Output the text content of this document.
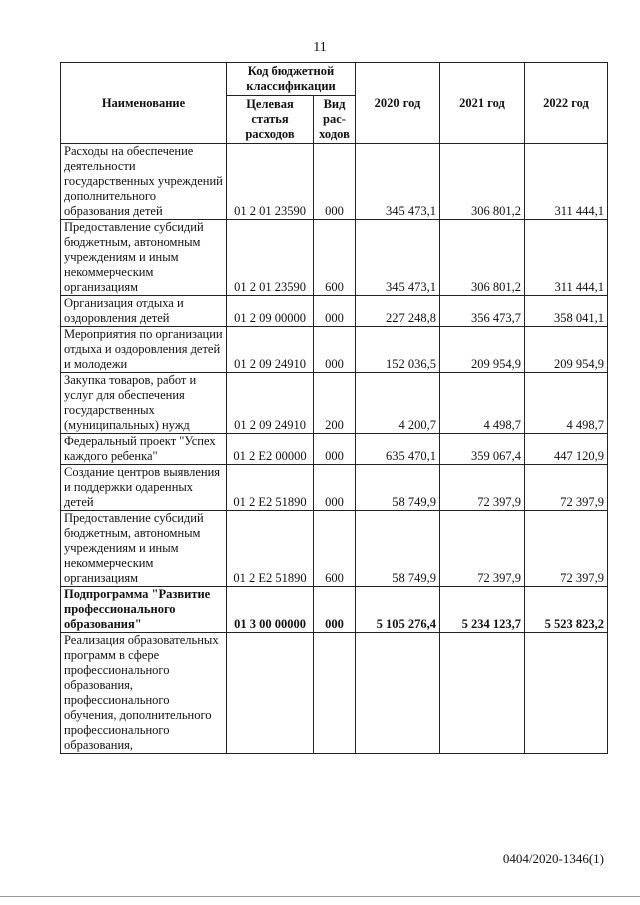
11
Наименование	Код бюджетной классификации		2020 год	2021 год	2022 год
	Целевая статья расходов	Вид рас- ходов			
Расходы на обеспечение деятельности государственных учреждений дополнительного образования детей	01 2 01 23590	000	345 473,1	306 801,2	311 444,1
Предоставление субсидий бюджетным, автономным учреждениям и иным некоммерческим организациям	01 2 01 23590	600	345 473,1	306 801,2	311 444,1
Организация отдыха и оздоровления детей	01 2 09 00000	000	227 248,8	356 473,7	358 041,1
Мероприятия по организации отдыха и оздоровления детей и молодежи	01 2 09 24910	000	152 036,5	209 954,9	209 954,9
Закупка товаров, работ и услуг для обеспечения государственных (муниципальных) нужд	01 2 09 24910	200	4 200,7	4 498,7	4 498,7
Федеральный проект "Успех каждого ребенка"	01 2 E2 00000	000	635 470,1	359 067,4	447 120,9
Создание центров выявления и поддержки одаренных детей	01 2 E2 51890	000	58 749,9	72 397,9	72 397,9
Предоставление субсидий бюджетным, автономным учреждениям и иным некоммерческим организациям	01 2 E2 51890	600	58 749,9	72 397,9	72 397,9
Подпрограмма "Развитие профессионального образования"	01 3 00 00000	000	5 105 276,4	5 234 123,7	5 523 823,2
Реализация образовательных программ в сфере профессионального образования, профессионального обучения, дополнительного профессионального образования,					
0404/2020-1346(1)
